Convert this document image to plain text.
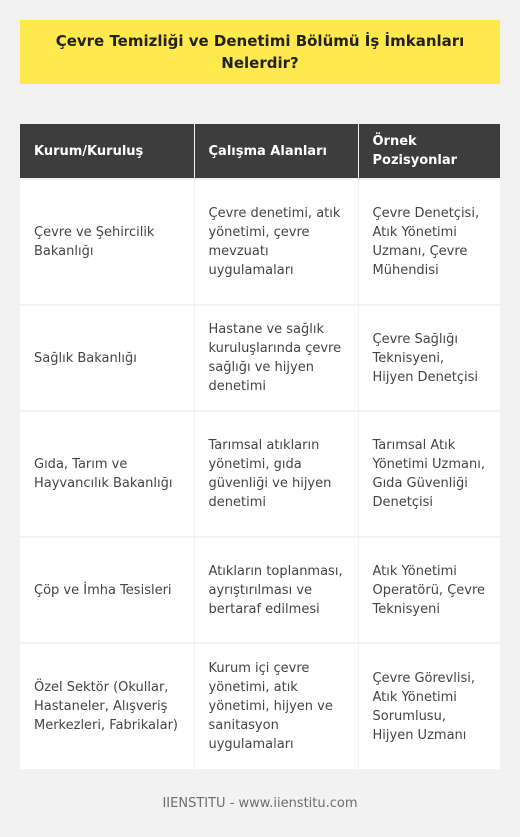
Çevre Temizliği ve Denetimi Bölümü İş İmkanları Nelerdir?
Kurum/Kuruluş	Çalışma Alanları	Örnek Pozisyonlar
Çevre ve Şehircilik Bakanlığı	Çevre denetimi, atık yönetimi, çevre mevzuatı uygulamaları	Çevre Denetçisi, Atık Yönetimi Uzmanı, Çevre Mühendisi
Sağlık Bakanlığı	Hastane ve sağlık kuruluşlarında çevre sağlığı ve hijyen denetimi	Çevre Sağlığı Teknisyeni, Hijyen Denetçisi
Gıda, Tarım ve Hayvancılık Bakanlığı	Tarımsal atıkların yönetimi, gıda güvenliği ve hijyen denetimi	Tarımsal Atık Yönetimi Uzmanı, Gıda Güvenliği Denetçisi
Çöp ve İmha Tesisleri	Atıkların toplanması, ayrıştırılması ve bertaraf edilmesi	Atık Yönetimi Operatörü, Çevre Teknisyeni
Özel Sektör (Okullar, Hastaneler, Alışveriş Merkezleri, Fabrikalar)	Kurum içi çevre yönetimi, atık yönetimi, hijyen ve sanitasyon uygulamaları	Çevre Görevlisi, Atık Yönetimi Sorumlusu, Hijyen Uzmanı
IIENSTITU - www.iienstitu.com
